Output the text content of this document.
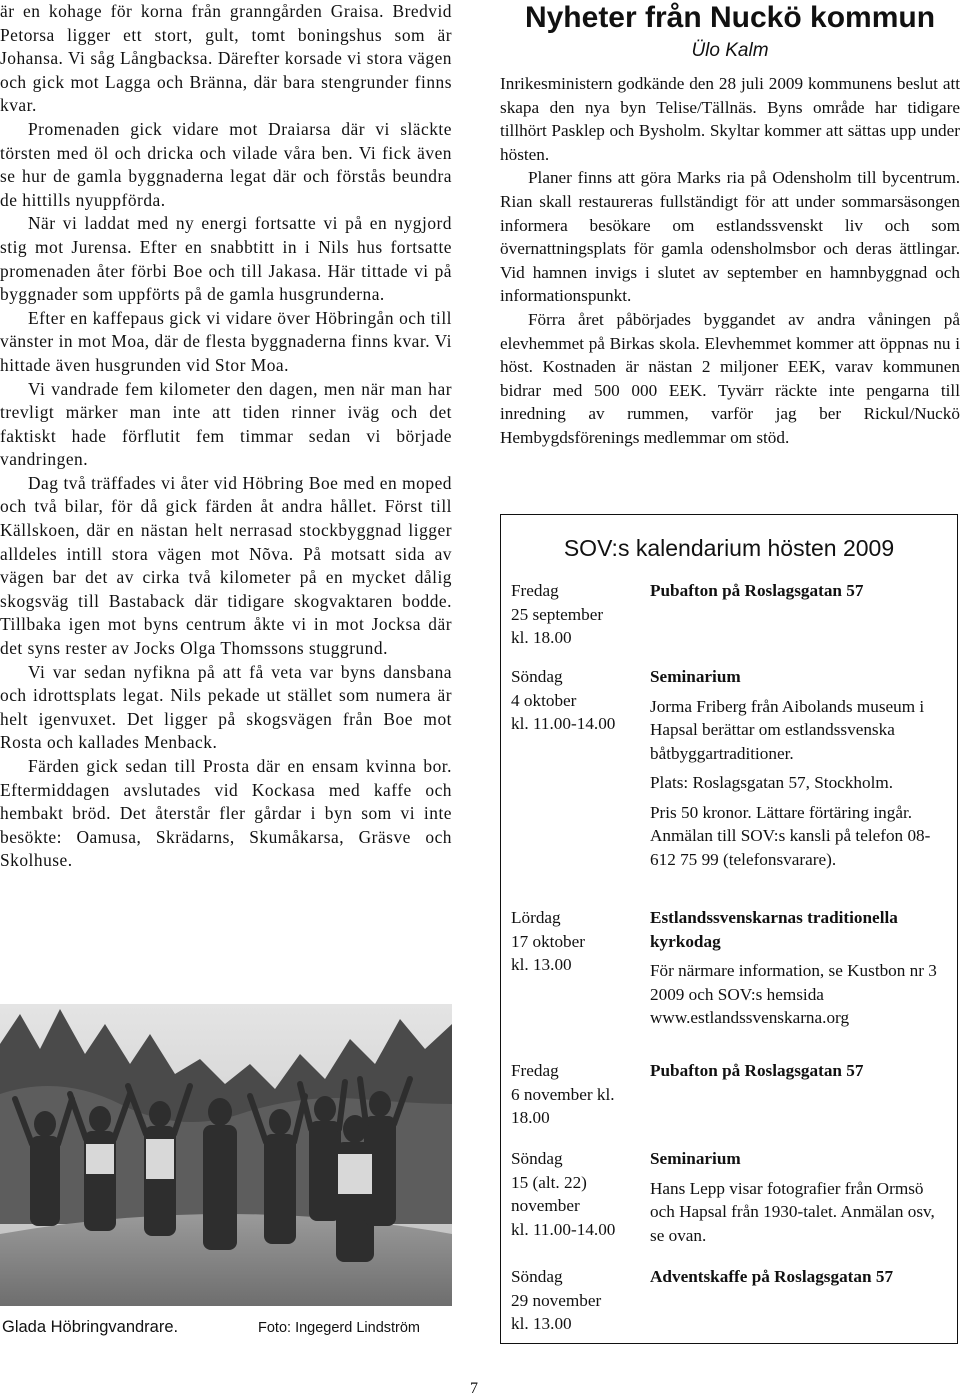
är en kohage för korna från granngården Graisa. Bredvid Petorsa ligger ett stort, gult, tomt boningshus som är Johansa. Vi såg Långbacksa. Därefter korsade vi stora vägen och gick mot Lagga och Bränna, där bara stengrunder finns kvar.

Promenaden gick vidare mot Draiarsa där vi släckte törsten med öl och dricka och vilade våra ben. Vi fick även se hur de gamla byggnaderna legat där och förstås beundra de hittills nyuppförda.

När vi laddat med ny energi fortsatte vi på en nygjord stig mot Jurensa. Efter en snabbtitt in i Nils hus fortsatte promenaden åter förbi Boe och till Jakasa. Här tittade vi på byggnader som uppförts på de gamla husgrunderna.

Efter en kaffepaus gick vi vidare över Höbringån och till vänster in mot Moa, där de flesta byggnaderna finns kvar. Vi hittade även husgrunden vid Stor Moa.

Vi vandrade fem kilometer den dagen, men när man har trevligt märker man inte att tiden rinner iväg och det faktiskt hade förflutit fem timmar sedan vi började vandringen.

Dag två träffades vi åter vid Höbring Boe med en moped och två bilar, för då gick färden åt andra hållet. Först till Källskoen, där en nästan helt nerrasad stockbyggnad ligger alldeles intill stora vägen mot Nõva. På motsatt sida av vägen bar det av cirka två kilometer på en mycket dålig skogsväg till Bastaback där tidigare skogvaktaren bodde. Tillbaka igen mot byns centrum åkte vi in mot Jocksa där det syns rester av Jocks Olga Thomssons stuggrund.

Vi var sedan nyfikna på att få veta var byns dansbana och idrottsplats legat. Nils pekade ut stället som numera är helt igenvuxet. Det ligger på skogsvägen från Boe mot Rosta och kallades Menback.

Färden gick sedan till Prosta där en ensam kvinna bor. Eftermiddagen avslutades vid Kockasa med kaffe och hembakt bröd. Det återstår fler gårdar i byn som vi inte besökte: Oamusa, Skrädarns, Skumåkarsa, Gräsve och Skolhuse.

Glada Höbringvandrare.	Foto: Ingegerd Lindström
Nyheter från Nuckö kommun
Ülo Kalm

Inrikesministern godkände den 28 juli 2009 kommunens beslut att skapa den nya byn Telise/Tällnäs. Byns område har tidigare tillhört Pasklep och Bysholm. Skyltar kommer att sättas upp under hösten.

Planer finns att göra Marks ria på Odensholm till bycentrum. Rian skall restaureras fullständigt för att under sommarsäsongen informera besökare om estlandssvenskt liv och som övernattningsplats för gamla odensholmsbor och deras ättlingar. Vid hamnen invigs i slutet av september en hamnbyggnad och informationspunkt.

Förra året påbörjades byggandet av andra våningen på elevhemmet på Birkas skola. Elevhemmet kommer att öppnas nu i höst. Kostnaden är nästan 2 miljoner EEK, varav kommunen bidrar med 500 000 EEK. Tyvärr räckte inte pengarna till inredning av rummen, varför jag ber Rickul/Nuckö Hembygdsförenings medlemmar om stöd.

SOV:s kalendarium hösten 2009
Fredag
25 september
kl. 18.00
Pubafton på Roslagsgatan 57
Söndag
4 oktober
kl. 11.00-14.00
Seminarium

Jorma Friberg från Aibolands museum i Hapsal berättar om estlandssvenska båtbyggartraditioner.

Plats: Roslagsgatan 57, Stockholm.

Pris 50 kronor. Lättare förtäring ingår.

Anmälan till SOV:s kansli på telefon 08-612 75 99 (telefonsvararе).

Lördag
17 oktober
kl. 13.00
Estlandssvenskarnas traditionella kyrkodag

För närmare information, se Kustbon nr 3 2009 och SOV:s hemsida www.estlandssvenskarna.org

Fredag
6 november kl.
18.00
Pubafton på Roslagsgatan 57
Söndag
15 (alt. 22)
november
kl. 11.00-14.00
Seminarium

Hans Lepp visar fotografier från Ormsö och Hapsal från 1930-talet. Anmälan osv, se ovan.

Söndag
29 november
kl. 13.00
Adventskaffe på Roslagsgatan 57
7
